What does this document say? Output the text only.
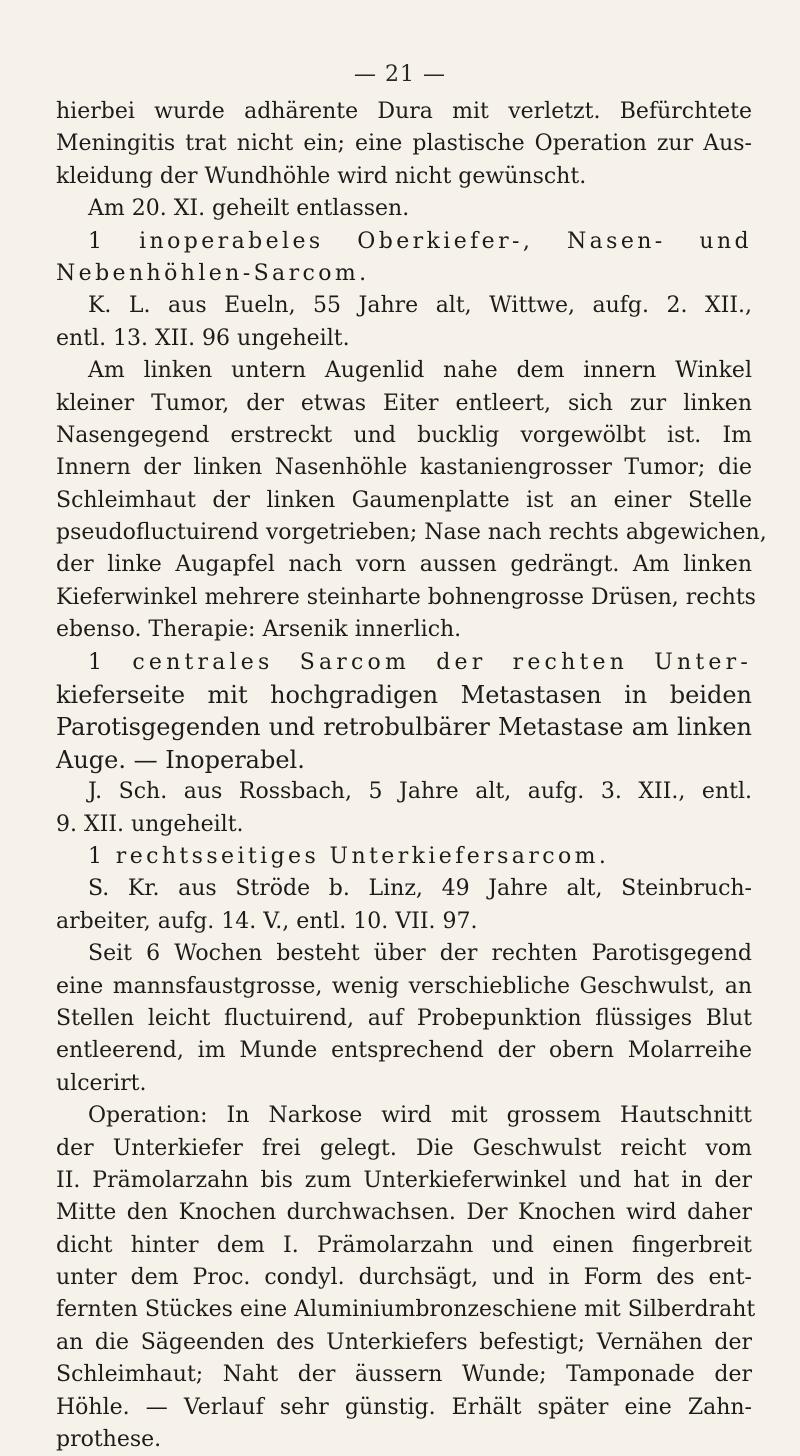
— 21 —
hierbei wurde adhärente Dura mit verletzt. Befürchtete
Meningitis trat nicht ein; eine plastische Operation zur Aus-
kleidung der Wundhöhle wird nicht gewünscht.
Am 20. XI. geheilt entlassen.
1 inoperabeles Oberkiefer-, Nasen- und
Nebenhöhlen-Sarcom.
K. L. aus Eueln, 55 Jahre alt, Wittwe, aufg. 2. XII.,
entl. 13. XII. 96 ungeheilt.
Am linken untern Augenlid nahe dem innern Winkel
kleiner Tumor, der etwas Eiter entleert, sich zur linken
Nasengegend erstreckt und bucklig vorgewölbt ist. Im
Innern der linken Nasenhöhle kastaniengrosser Tumor; die
Schleimhaut der linken Gaumenplatte ist an einer Stelle
pseudofluctuirend vorgetrieben; Nase nach rechts abgewichen,
der linke Augapfel nach vorn aussen gedrängt. Am linken
Kieferwinkel mehrere steinharte bohnengrosse Drüsen, rechts
ebenso. Therapie: Arsenik innerlich.
1 centrales Sarcom der rechten Unter-
kieferseite mit hochgradigen Metastasen in beiden
Parotisgegenden und retrobulbärer Metastase am linken
Auge. — Inoperabel.
J. Sch. aus Rossbach, 5 Jahre alt, aufg. 3. XII., entl.
9. XII. ungeheilt.
1 rechtsseitiges Unterkiefersarcom.
S. Kr. aus Ströde b. Linz, 49 Jahre alt, Steinbruch-
arbeiter, aufg. 14. V., entl. 10. VII. 97.
Seit 6 Wochen besteht über der rechten Parotisgegend
eine mannsfaustgrosse, wenig verschiebliche Geschwulst, an
Stellen leicht fluctuirend, auf Probepunktion flüssiges Blut
entleerend, im Munde entsprechend der obern Molarreihe
ulcerirt.
Operation: In Narkose wird mit grossem Hautschnitt
der Unterkiefer frei gelegt. Die Geschwulst reicht vom
II. Prämolarzahn bis zum Unterkieferwinkel und hat in der
Mitte den Knochen durchwachsen. Der Knochen wird daher
dicht hinter dem I. Prämolarzahn und einen fingerbreit
unter dem Proc. condyl. durchsägt, und in Form des ent-
fernten Stückes eine Aluminiumbronzeschiene mit Silberdraht
an die Sägeenden des Unterkiefers befestigt; Vernähen der
Schleimhaut; Naht der äussern Wunde; Tamponade der
Höhle. — Verlauf sehr günstig. Erhält später eine Zahn-
prothese.
